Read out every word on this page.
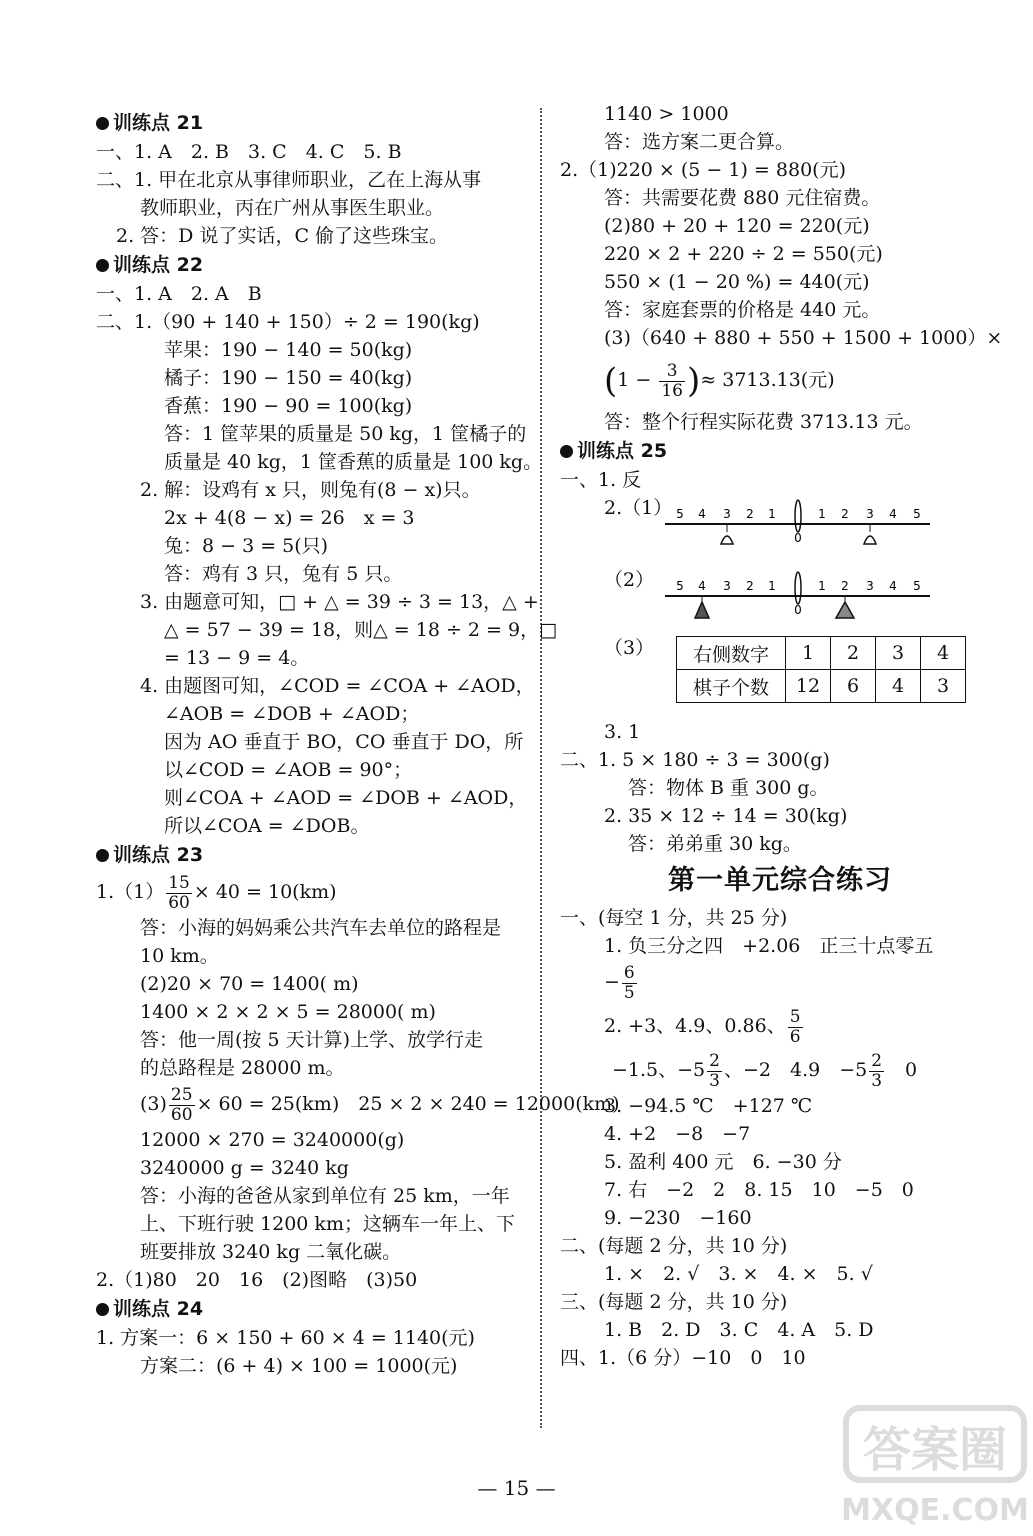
训练点 21
一、1. A　2. B　3. C　4. C　5. B
二、1. 甲在北京从事律师职业，乙在上海从事
教师职业，丙在广州从事医生职业。
2. 答：D 说了实话，C 偷了这些珠宝。
训练点 22
一、1. A　2. A　B
二、1.（90 + 140 + 150）÷ 2 = 190(kg)
苹果：190 − 140 = 50(kg)
橘子：190 − 150 = 40(kg)
香蕉：190 − 90 = 100(kg)
答：1 筐苹果的质量是 50 kg，1 筐橘子的
质量是 40 kg，1 筐香蕉的质量是 100 kg。
2. 解：设鸡有 x 只，则兔有(8 − x)只。
2x + 4(8 − x) = 26　x = 3
兔：8 − 3 = 5(只)
答：鸡有 3 只，兔有 5 只。
3. 由题意可知，□ + △ = 39 ÷ 3 = 13，△ +
△ = 57 − 39 = 18，则△ = 18 ÷ 2 = 9，□
= 13 − 9 = 4。
4. 由题图可知，∠COD = ∠COA + ∠AOD，
∠AOB = ∠DOB + ∠AOD；
因为 AO 垂直于 BO，CO 垂直于 DO，所
以∠COD = ∠AOB = 90°；
则∠COA + ∠AOD = ∠DOB + ∠AOD，
所以∠COA = ∠DOB。
训练点 23
$1.(1) \frac{15}{60} \times 40 = 10(km)$
答：小海的妈妈乘公共汽车去单位的路程是
10 km。
(2)20 × 70 = 1400( m)
1400 × 2 × 2 × 5 = 28000( m)
答：他一周(按 5 天计算)上学、放学行走
的总路程是 28000 m。
$(3) \frac{25}{60} \times 60 = 25(km)$　25 × 2 × 240 = 12000(km)
12000 × 270 = 3240000(g)
3240000 g = 3240 kg
答：小海的爸爸从家到单位有 25 km，一年
上、下班行驶 1200 km；这辆车一年上、下
班要排放 3240 kg 二氧化碳。
2.（1)80　20　16　(2)图略　(3)50
训练点 24
1. 方案一：6 × 150 + 60 × 4 = 1140(元)
方案二：(6 + 4) × 100 = 1000(元)
1140 > 1000
答：选方案二更合算。
2.（1)220 × (5 − 1) = 880(元)
答：共需要花费 880 元住宿费。
(2)80 + 20 + 120 = 220(元)
220 × 2 + 220 ÷ 2 = 550(元)
550 × (1 − 20 %) = 440(元)
答：家庭套票的价格是 440 元。
(3)（640 + 880 + 550 + 1500 + 1000）×
($1 - \frac{3}{16}$ )≈ 3713.13(元)
答：整个行程实际花费 3713.13 元。
训练点 25
一、1. 反
2.（1） 5 4 3 2 1
0
1 2 3 4 5
（2） 5 4 3 2 1
0
1 2 3 4 5
（3） 右侧数字	1	2	3	4
棋子个数	12	6	4	3
3. 1
二、1. 5 × 180 ÷ 3 = 300(g)
答：物体 B 重 300 g。
2. 35 × 12 ÷ 14 = 30(kg)
答：弟弟重 30 kg。
第一单元综合练习
一、(每空 1 分，共 25 分)
1. 负三分之四　+2.06　正三十点零五
− $\frac{6}{5}$
2. +3、4.9、0.86、 $\frac{5}{6}$
−1.5、$-5 \frac{2}{3}$ 、−2　4.9　$-5 \frac{2}{3}$ 　0
3. −94.5 ℃　+127 ℃
4. +2　−8　−7
5. 盈利 400 元　6. −30 分
7. 右　−2　2　8. 15　10　−5　0
9. −230　−160
二、(每题 2 分，共 10 分)
1. ×　2. √　3. ×　4. ×　5. √
三、(每题 2 分，共 10 分)
1. B　2. D　3. C　4. A　5. D
四、1.（6 分）−10　0　10
— 15 —
答案圈
MXQE.COM
